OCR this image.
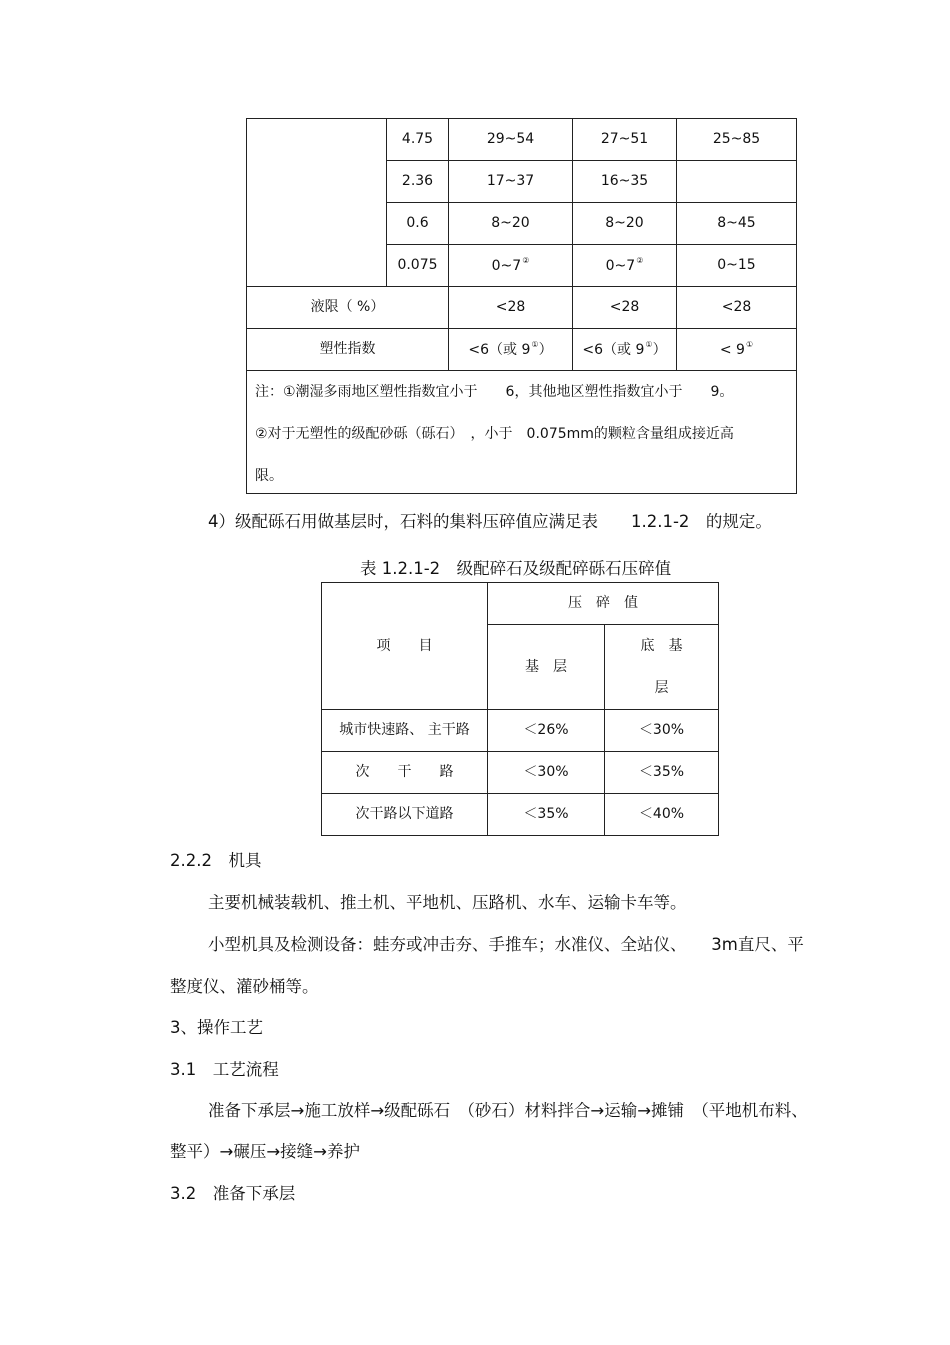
	4.75	29~54	27~51	25~85
	2.36	17~37	16~35	
	0.6	8~20	8~20	8~45
	0.075	0~7②	0~7②	0~15
液限（ %）		<28	<28	<28
塑性指数		<6（或 9①）	<6（或 9①）	< 9①

注：①潮湿多雨地区塑性指数宜小于　　6，其他地区塑性指数宜小于　　9。
②对于无塑性的级配砂砾（砾石）　，小于　0.075mm的颗粒含量组成接近高
限。				
4）级配砾石用做基层时，石料的集料压碎值应满足表　　1.2.1-2　的规定。
表 1.2.1-2　级配碎石及级配碎砾石压碎值
项　　目	压　碎　值	
	基　层	底　基
层

城市快速路、 主干路	＜26%	＜30%
次　　干　　路	＜30%	＜35%
次干路以下道路	＜35%	＜40%
2.2.2　机具
主要机械装载机、推土机、平地机、压路机、水车、运输卡车等。
小型机具及检测设备：蛙夯或冲击夯、手推车；水准仪、全站仪、　　3m直尺、平
整度仪、灌砂桶等。
3、操作工艺
3.1　工艺流程
准备下承层→施工放样→级配砾石　（砂石）材料拌合→运输→摊铺　（平地机布料、
整平）→碾压→接缝→养护
3.2　准备下承层
